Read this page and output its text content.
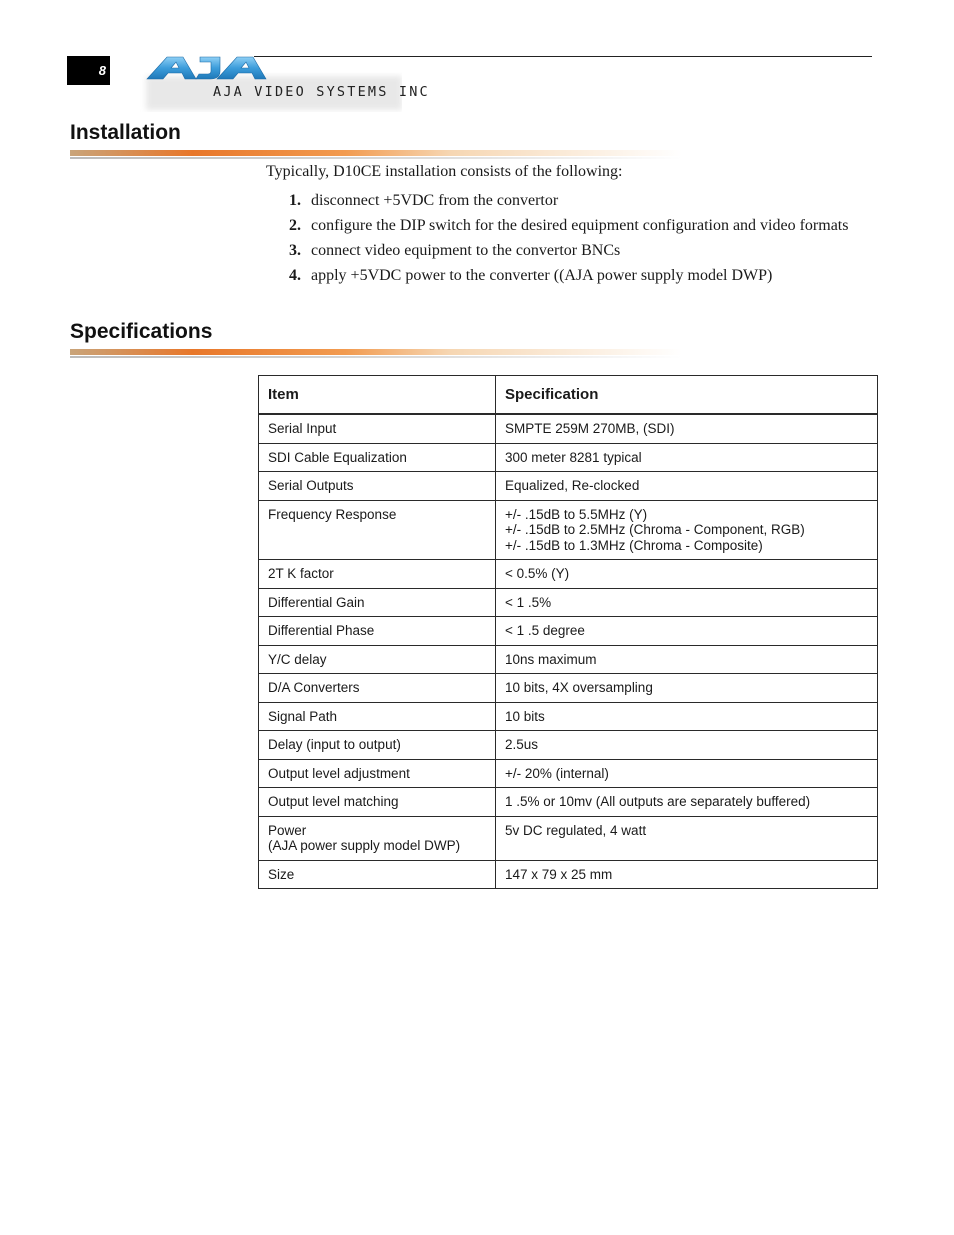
8
AJA VIDEO SYSTEMS INC
Installation
Typically, D10CE installation consists of the following:
1. disconnect +5VDC from the convertor
2. configure the DIP switch for the desired equipment configuration and video formats
3. connect video equipment to the convertor BNCs
4. apply +5VDC power to the converter ((AJA power supply model DWP)
Specifications
Item	Specification

Serial Input	SMPTE 259M 270MB, (SDI)

SDI Cable Equalization	300 meter 8281 typical

Serial Outputs	Equalized, Re-clocked

Frequency Response	+/- .15dB to 5.5MHz (Y)
+/- .15dB to 2.5MHz (Chroma - Component, RGB)
+/- .15dB to 1.3MHz (Chroma - Composite)

2T K factor	< 0.5% (Y)

Differential Gain	< 1 .5%

Differential Phase	< 1 .5 degree

Y/C delay	10ns maximum

D/A Converters	10 bits, 4X oversampling

Signal Path	10 bits

Delay (input to output)	2.5us

Output level adjustment	+/- 20% (internal)

Output level matching	1 .5% or 10mv (All outputs are separately buffered)

Power
(AJA power supply model DWP)	5v DC regulated, 4 watt

Size	147 x 79 x 25 mm
